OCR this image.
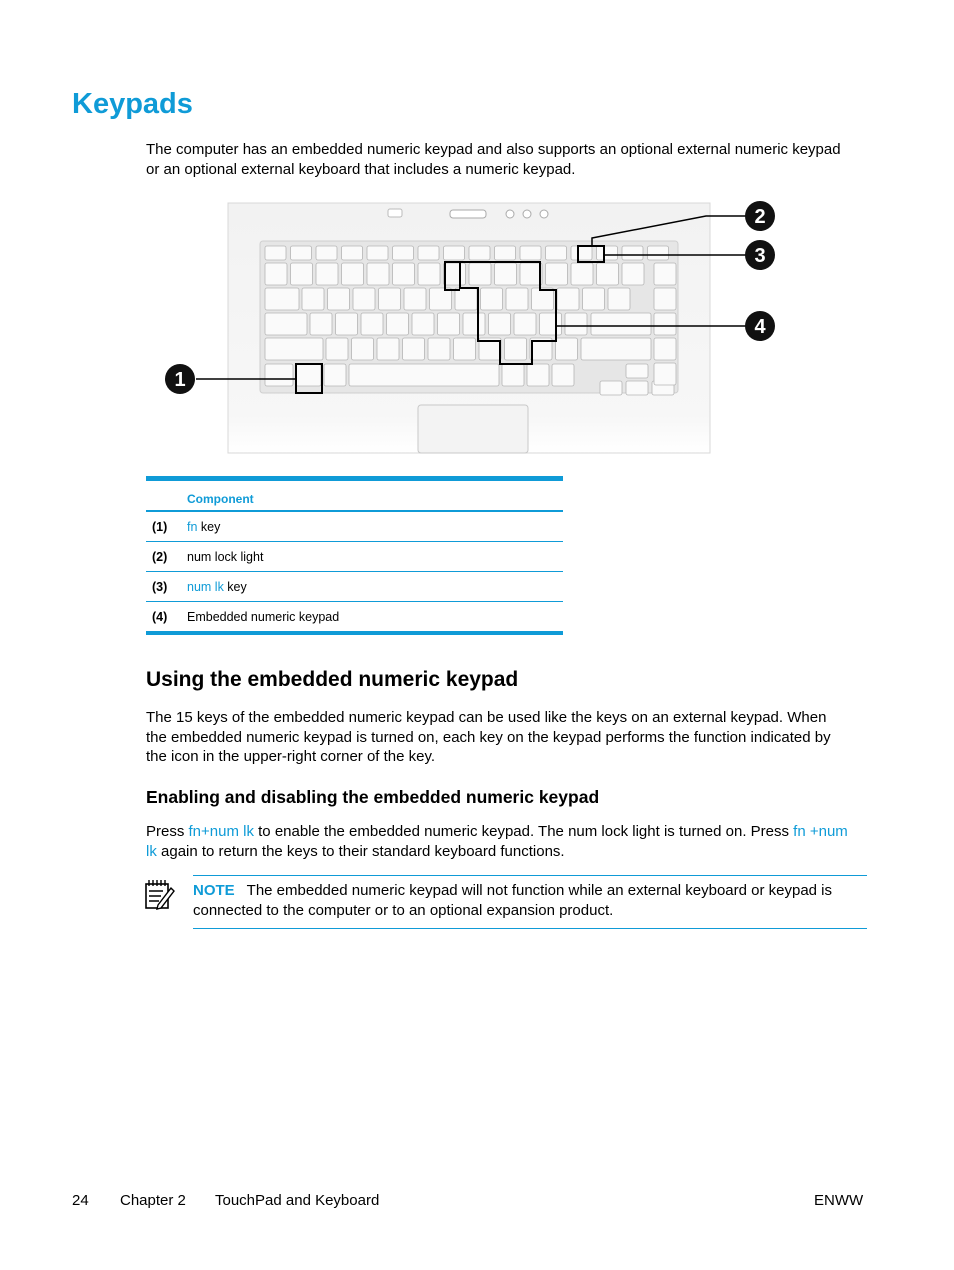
Keypads

The computer has an embedded numeric keypad and also supports an optional external numeric keypad or an optional external keyboard that includes a numeric keypad.

1
2
3
4
Component
(1) fn key
(2) num lock light
(3) num lk key
(4) Embedded numeric keypad
Using the embedded numeric keypad

The 15 keys of the embedded numeric keypad can be used like the keys on an external keypad. When the embedded numeric keypad is turned on, each key on the keypad performs the function indicated by the icon in the upper-right corner of the key.

Enabling and disabling the embedded numeric keypad

Press fn+num lk to enable the embedded numeric keypad. The num lock light is turned on. Press fn +num lk again to return the keys to their standard keyboard functions.

NOTE The embedded numeric keypad will not function while an external keyboard or keypad is connected to the computer or to an optional expansion product.
24 Chapter 2 TouchPad and Keyboard	ENWW
